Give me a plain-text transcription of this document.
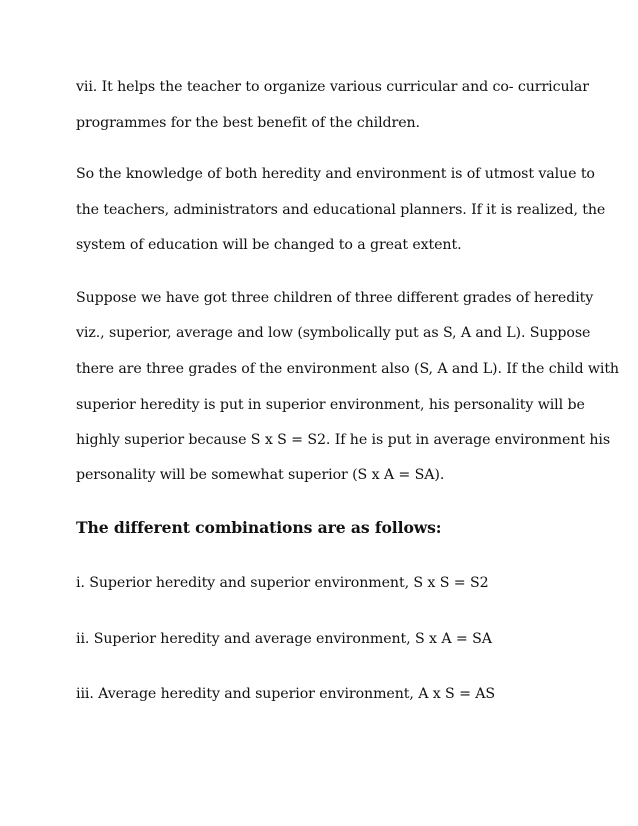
vii. It helps the teacher to organize various curricular and co- curricular
programmes for the best benefit of the children.
So the knowledge of both heredity and environment is of utmost value to
the teachers, administrators and educational planners. If it is realized, the
system of education will be changed to a great extent.
Suppose we have got three children of three different grades of heredity
viz., superior, average and low (symbolically put as S, A and L). Suppose
there are three grades of the environment also (S, A and L). If the child with
superior heredity is put in superior environment, his personality will be
highly superior because S x S = S2. If he is put in average environment his
personality will be somewhat superior (S x A = SA).
The different combinations are as follows:
i. Superior heredity and superior environment, S x S = S2
ii. Superior heredity and average environment, S x A = SA
iii. Average heredity and superior environment, A x S = AS
